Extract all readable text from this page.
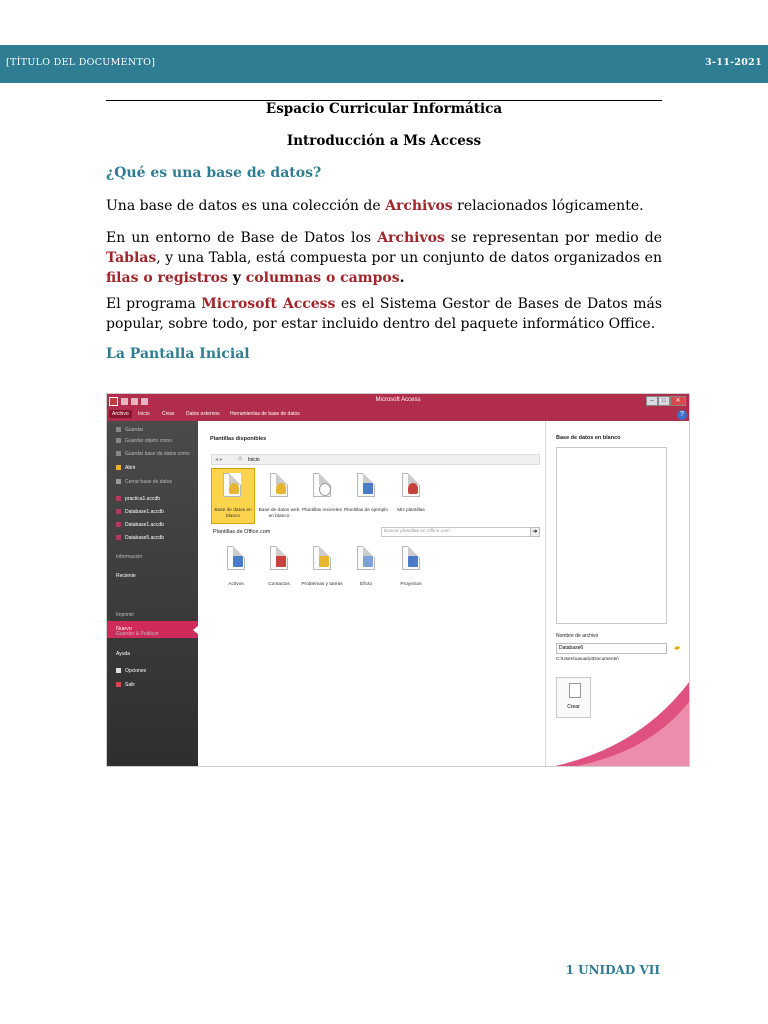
[TÍTULO DEL DOCUMENTO]	3-11-2021
Espacio Curricular Informática
Introducción a Ms Access
¿Qué es una base de datos?
Una base de datos es una colección de Archivos relacionados lógicamente.
En un entorno de Base de Datos los Archivos se representan por medio de Tablas, y una Tabla, está compuesta por un conjunto de datos organizados en filas o registros y columnas o campos.
El programa Microsoft Access es el Sistema Gestor de Bases de Datos más popular, sobre todo, por estar incluido dentro del paquete informático Office.
La Pantalla Inicial
Microsoft Access	–	□	✕
Archivo	Inicio Crear Datos externos Herramientas de base de datos	?
Guardar
Guardar objeto como
Guardar base de datos como
Abrir
Cerrar base de datos
practica1.accdb
Database1.accdb
Database1.accdb
Database5.accdb
Información
Reciente
Nuevo
Imprimir
Guardar & Publicar
Ayuda
Opciones
Salir
Plantillas disponibles
◂ ▸ ⌂ Inicio
Base de datos en blanco
Base de datos web en blanco
Plantillas recientes Plantillas de ejemplo	Mis plantillas
Plantillas de Office.com	Buscar plantillas en Office.com	➜
Activos	Contactos	Problemas y tareas	Eficto	Proyectos
Base de datos en blanco
Nombre de archivo
Database6	▰
C:\Users\usuario\Documents\
Crear
1 UNIDAD VII
